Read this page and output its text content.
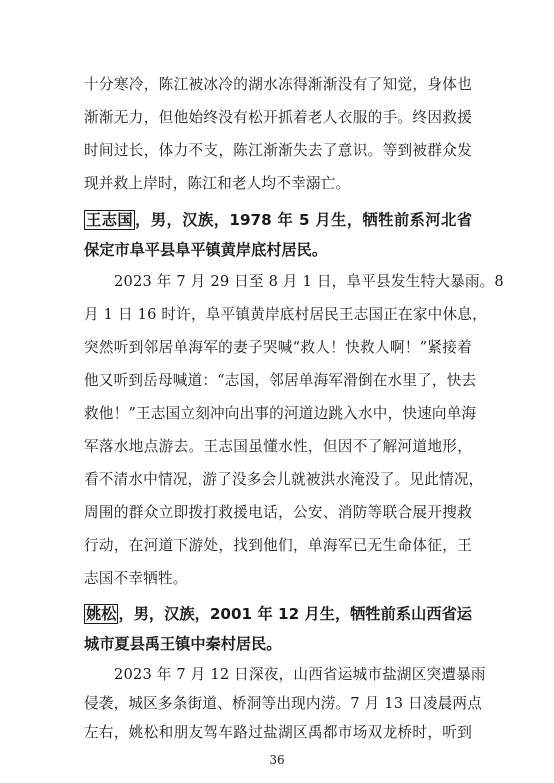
十分寒冷，陈江被冰冷的湖水冻得渐渐没有了知觉，身体也
渐渐无力，但他始终没有松开抓着老人衣服的手。终因救援
时间过长，体力不支，陈江渐渐失去了意识。等到被群众发
现并救上岸时，陈江和老人均不幸溺亡。
王志国 ，男，汉族，1978 年 5 月生，牺牲前系河北省
保定市阜平县阜平镇黄岸底村居民。
2023 年 7 月 29 日至 8 月 1 日，阜平县发生特大暴雨。8
月 1 日 16 时许，阜平镇黄岸底村居民王志国正在家中休息，
突然听到邻居单海军的妻子哭喊“救人！快救人啊！”紧接着
他又听到岳母喊道：“志国，邻居单海军滑倒在水里了，快去
救他！”王志国立刻冲向出事的河道边跳入水中，快速向单海
军落水地点游去。王志国虽懂水性，但因不了解河道地形，
看不清水中情况，游了没多会儿就被洪水淹没了。见此情况，
周围的群众立即拨打救援电话，公安、消防等联合展开搜救
行动，在河道下游处，找到他们，单海军已无生命体征，王
志国不幸牺牲。
姚松 ，男，汉族，2001 年 12 月生，牺牲前系山西省运
城市夏县禹王镇中秦村居民。
2023 年 7 月 12 日深夜，山西省运城市盐湖区突遭暴雨
侵袭，城区多条街道、桥洞等出现内涝。7 月 13 日凌晨两点
左右，姚松和朋友驾车路过盐湖区禹都市场双龙桥时，听到
36
